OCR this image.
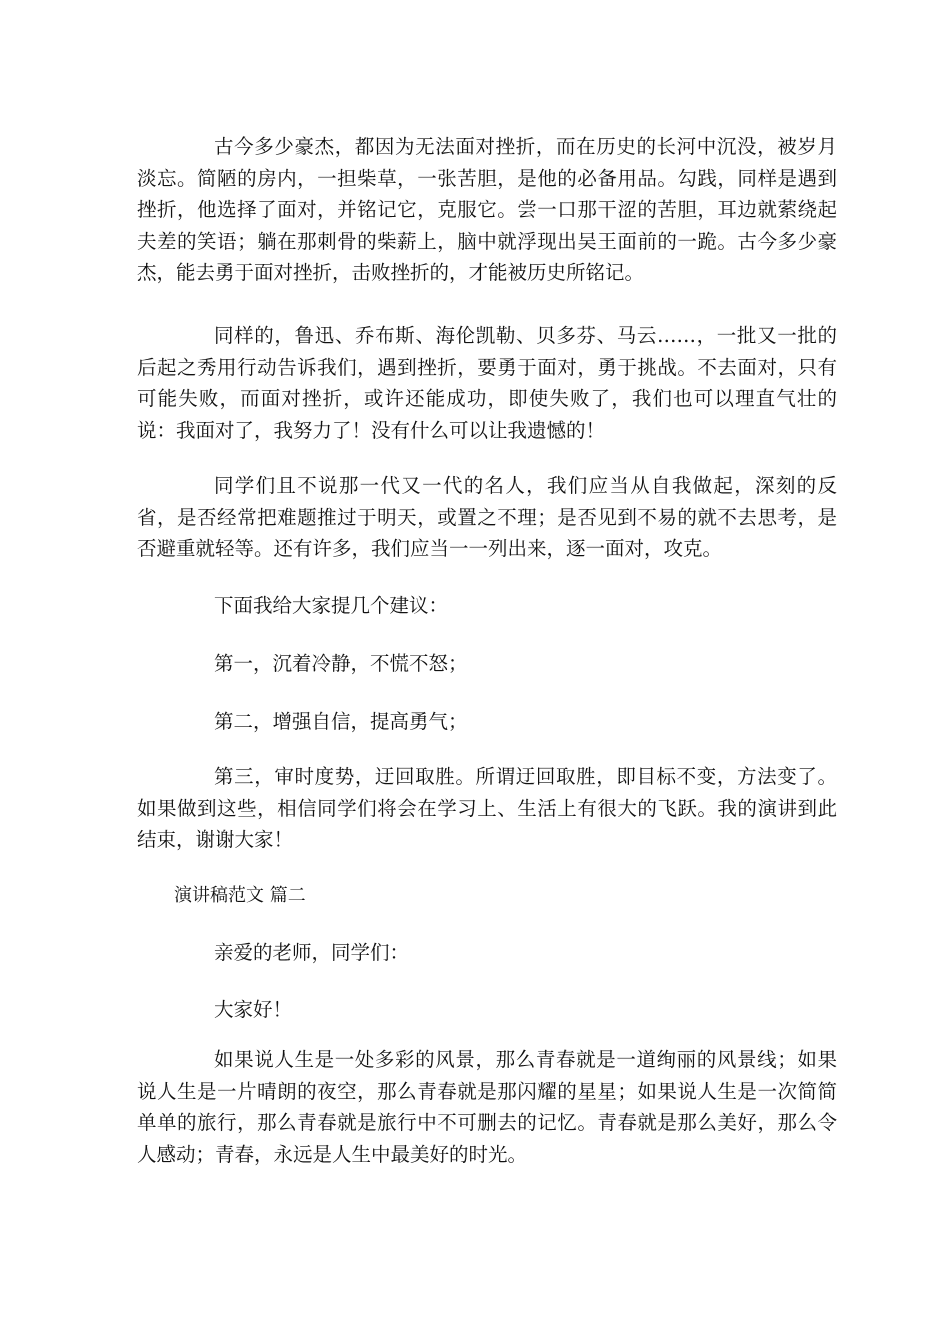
古今多少豪杰，都因为无法面对挫折，而在历史的长河中沉没，被岁月淡忘。简陋的房内，一担柴草，一张苦胆，是他的必备用品。勾践，同样是遇到挫折，他选择了面对，并铭记它，克服它。尝一口那干涩的苦胆，耳边就萦绕起夫差的笑语；躺在那刺骨的柴薪上，脑中就浮现出吴王面前的一跪。古今多少豪杰，能去勇于面对挫折，击败挫折的，才能被历史所铭记。

同样的，鲁迅、乔布斯、海伦凯勒、贝多芬、马云……，一批又一批的后起之秀用行动告诉我们，遇到挫折，要勇于面对，勇于挑战。不去面对，只有可能失败，而面对挫折，或许还能成功，即使失败了，我们也可以理直气壮的说：我面对了，我努力了！没有什么可以让我遗憾的！

同学们且不说那一代又一代的名人，我们应当从自我做起，深刻的反省，是否经常把难题推过于明天，或置之不理；是否见到不易的就不去思考，是否避重就轻等。还有许多，我们应当一一列出来，逐一面对，攻克。

下面我给大家提几个建议：

第一，沉着冷静，不慌不怒；

第二，增强自信，提高勇气；

第三，审时度势，迂回取胜。所谓迂回取胜，即目标不变，方法变了。如果做到这些，相信同学们将会在学习上、生活上有很大的飞跃。我的演讲到此结束，谢谢大家！

演讲稿范文 篇二

亲爱的老师，同学们：

大家好！

如果说人生是一处多彩的风景，那么青春就是一道绚丽的风景线；如果说人生是一片晴朗的夜空，那么青春就是那闪耀的星星；如果说人生是一次简简单单的旅行，那么青春就是旅行中不可删去的记忆。青春就是那么美好，那么令人感动；青春，永远是人生中最美好的时光。
